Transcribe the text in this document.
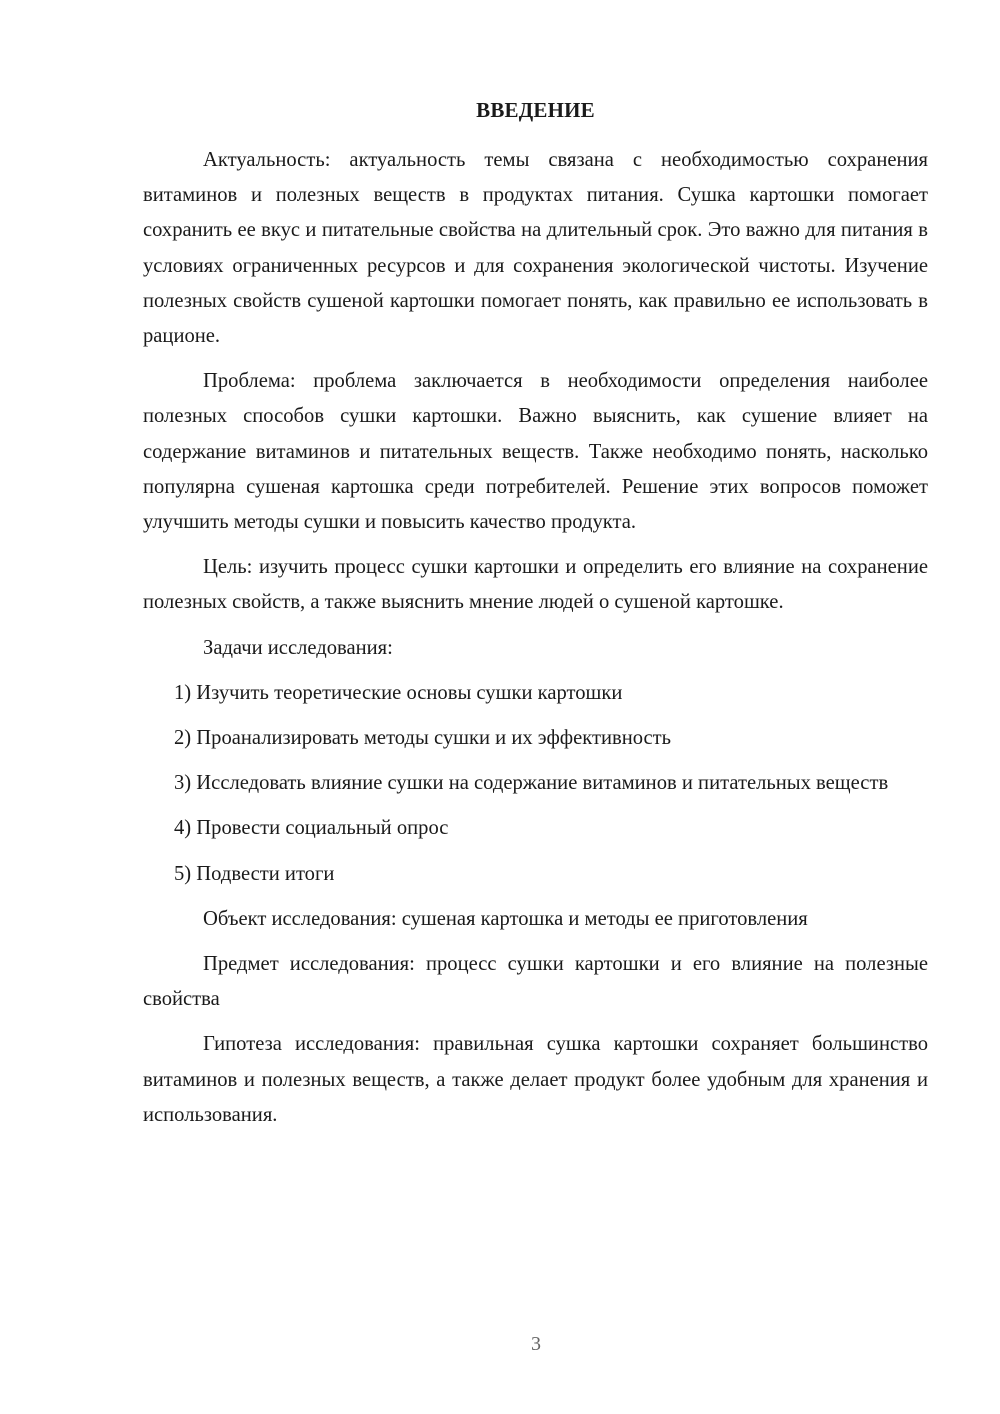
ВВЕДЕНИЕ

Актуальность: актуальность темы связана с необходимостью сохранения витаминов и полезных веществ в продуктах питания. Сушка картошки помогает сохранить ее вкус и питательные свойства на длительный срок. Это важно для питания в условиях ограниченных ресурсов и для сохранения экологической чистоты. Изучение полезных свойств сушеной картошки помогает понять, как правильно ее использовать в рационе.

Проблема: проблема заключается в необходимости определения наиболее полезных способов сушки картошки. Важно выяснить, как сушение влияет на содержание витаминов и питательных веществ. Также необходимо понять, насколько популярна сушеная картошка среди потребителей. Решение этих вопросов поможет улучшить методы сушки и повысить качество продукта.

Цель: изучить процесс сушки картошки и определить его влияние на сохранение полезных свойств, а также выяснить мнение людей о сушеной картошке.

Задачи исследования:

1) Изучить теоретические основы сушки картошки

2) Проанализировать методы сушки и их эффективность

3) Исследовать влияние сушки на содержание витаминов и питательных веществ

4) Провести социальный опрос

5) Подвести итоги

Объект исследования: сушеная картошка и методы ее приготовления

Предмет исследования: процесс сушки картошки и его влияние на полезные свойства

Гипотеза исследования: правильная сушка картошки сохраняет большинство витаминов и полезных веществ, а также делает продукт более удобным для хранения и использования.

3
